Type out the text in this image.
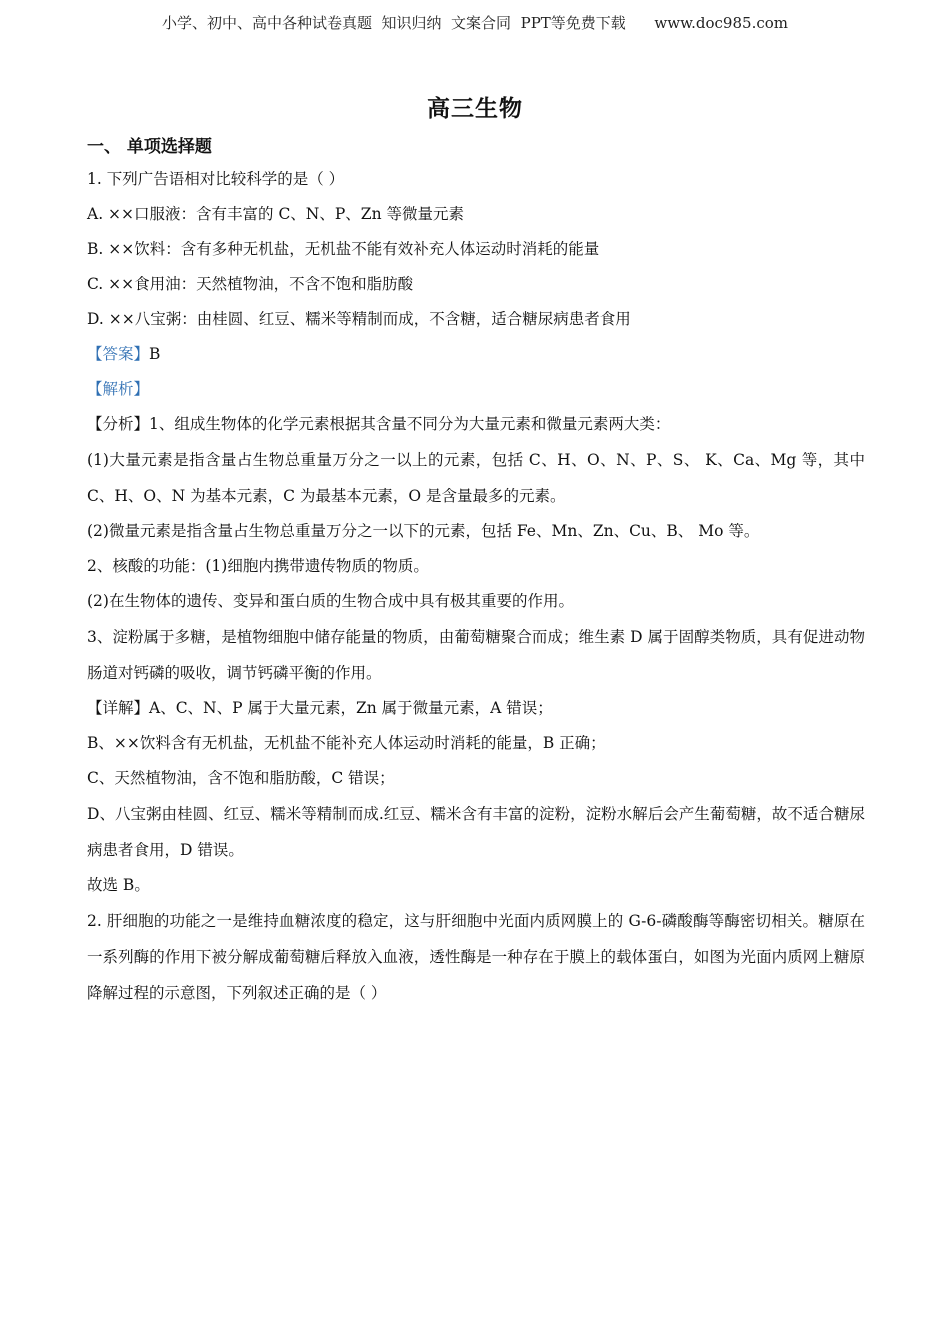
小学、初中、高中各种试卷真题  知识归纳  文案合同  PPT等免费下载      www.doc985.com
高三生物
一、 单项选择题

1. 下列广告语相对比较科学的是（ ）

A. ××口服液：含有丰富的 C、N、P、Zn 等微量元素

B. ××饮料：含有多种无机盐，无机盐不能有效补充人体运动时消耗的能量

C. ××食用油：天然植物油，不含不饱和脂肪酸

D. ××八宝粥：由桂圆、红豆、糯米等精制而成，不含糖，适合糖尿病患者食用

【答案】B

【解析】

【分析】1、组成生物体的化学元素根据其含量不同分为大量元素和微量元素两大类：

(1)大量元素是指含量占生物总重量万分之一以上的元素，包括 C、H、O、N、P、S、 K、Ca、Mg 等，其中 C、H、O、N 为基本元素，C 为最基本元素，O 是含量最多的元素。

(2)微量元素是指含量占生物总重量万分之一以下的元素，包括 Fe、Mn、Zn、Cu、B、 Mo 等。

2、核酸的功能：(1)细胞内携带遗传物质的物质。

(2)在生物体的遗传、变异和蛋白质的生物合成中具有极其重要的作用。

3、淀粉属于多糖，是植物细胞中储存能量的物质，由葡萄糖聚合而成；维生素 D 属于固醇类物质，具有促进动物肠道对钙磷的吸收，调节钙磷平衡的作用。

【详解】A、C、N、P 属于大量元素，Zn 属于微量元素，A 错误；

B、××饮料含有无机盐，无机盐不能补充人体运动时消耗的能量，B 正确；

C、天然植物油，含不饱和脂肪酸，C 错误；

D、八宝粥由桂圆、红豆、糯米等精制而成.红豆、糯米含有丰富的淀粉，淀粉水解后会产生葡萄糖，故不适合糖尿病患者食用，D 错误。

故选 B。

2. 肝细胞的功能之一是维持血糖浓度的稳定，这与肝细胞中光面内质网膜上的 G-6-磷酸酶等酶密切相关。糖原在一系列酶的作用下被分解成葡萄糖后释放入血液，透性酶是一种存在于膜上的载体蛋白，如图为光面内质网上糖原降解过程的示意图，下列叙述正确的是（ ）
